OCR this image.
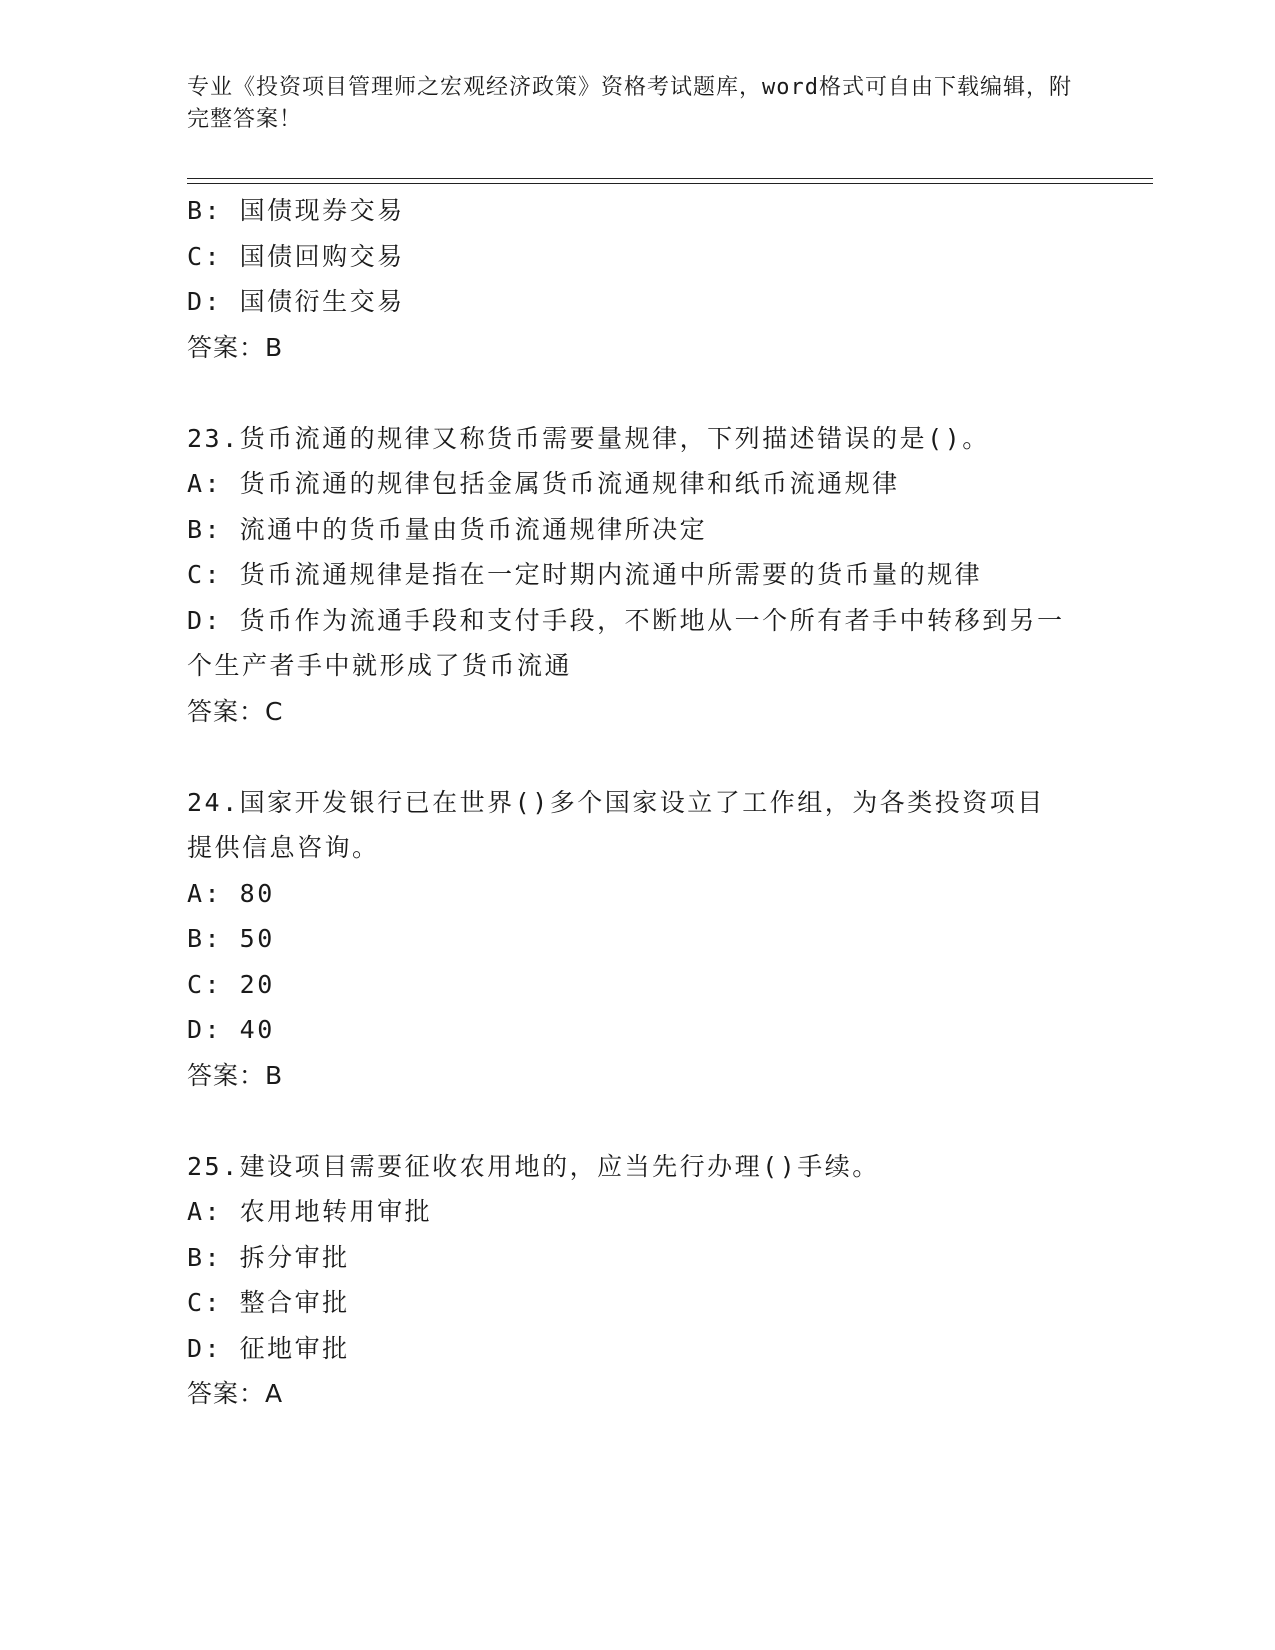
专业《投资项目管理师之宏观经济政策》资格考试题库，word格式可自由下载编辑，附完整答案！
B: 国债现券交易
C: 国债回购交易
D: 国债衍生交易
答案：B
23.货币流通的规律又称货币需要量规律，下列描述错误的是()。
A: 货币流通的规律包括金属货币流通规律和纸币流通规律
B: 流通中的货币量由货币流通规律所决定
C: 货币流通规律是指在一定时期内流通中所需要的货币量的规律
D: 货币作为流通手段和支付手段，不断地从一个所有者手中转移到另一个生产者手中就形成了货币流通
答案：C
24.国家开发银行已在世界()多个国家设立了工作组，为各类投资项目提供信息咨询。
A: 80
B: 50
C: 20
D: 40
答案：B
25.建设项目需要征收农用地的，应当先行办理()手续。
A: 农用地转用审批
B: 拆分审批
C: 整合审批
D: 征地审批
答案：A
